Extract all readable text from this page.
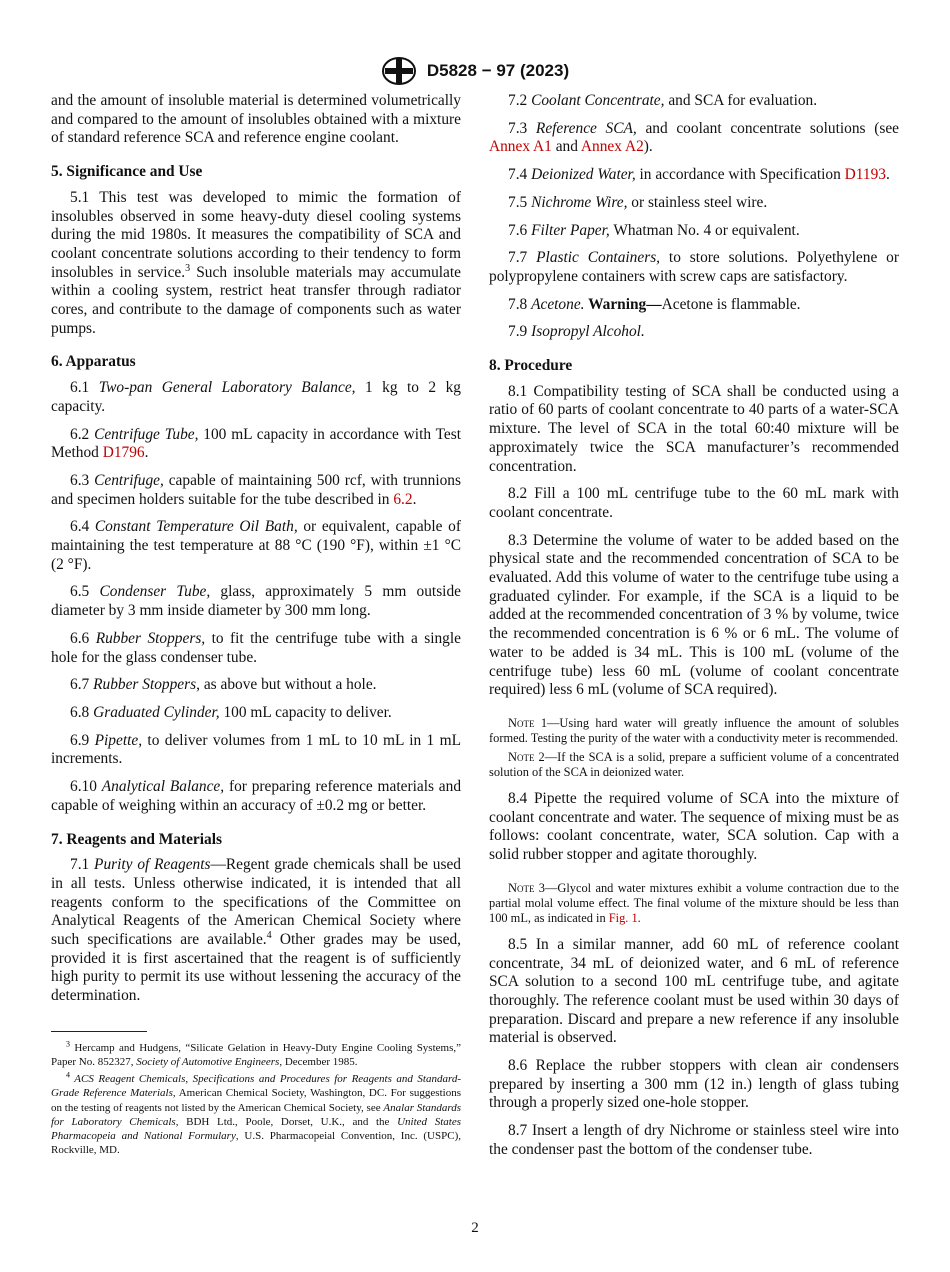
D5828 − 97 (2023)

and the amount of insoluble material is determined volumetrically and compared to the amount of insolubles obtained with a mixture of standard reference SCA and reference engine coolant.

5. Significance and Use

5.1 This test was developed to mimic the formation of insolubles observed in some heavy-duty diesel cooling systems during the mid 1980s. It measures the compatibility of SCA and coolant concentrate solutions according to their tendency to form insolubles in service.$^3$ Such insoluble materials may accumulate within a cooling system, restrict heat transfer through radiator cores, and contribute to the damage of components such as water pumps.

6. Apparatus

6.1 Two-pan General Laboratory Balance, 1 kg to 2 kg capacity.

6.2 Centrifuge Tube, 100 mL capacity in accordance with Test Method D1796.

6.3 Centrifuge, capable of maintaining 500 rcf, with trunnions and specimen holders suitable for the tube described in 6.2.

6.4 Constant Temperature Oil Bath, or equivalent, capable of maintaining the test temperature at 88 °C (190 °F), within ±1 °C (2 °F).

6.5 Condenser Tube, glass, approximately 5 mm outside diameter by 3 mm inside diameter by 300 mm long.

6.6 Rubber Stoppers, to fit the centrifuge tube with a single hole for the glass condenser tube.

6.7 Rubber Stoppers, as above but without a hole.

6.8 Graduated Cylinder, 100 mL capacity to deliver.

6.9 Pipette, to deliver volumes from 1 mL to 10 mL in 1 mL increments.

6.10 Analytical Balance, for preparing reference materials and capable of weighing within an accuracy of ±0.2 mg or better.

7. Reagents and Materials

7.1 Purity of Reagents—Regent grade chemicals shall be used in all tests. Unless otherwise indicated, it is intended that all reagents conform to the specifications of the Committee on Analytical Reagents of the American Chemical Society where such specifications are available.$^4$ Other grades may be used, provided it is first ascertained that the reagent is of sufficiently high purity to permit its use without lessening the accuracy of the determination.

$^3$ Hercamp and Hudgens, “Silicate Gelation in Heavy-Duty Engine Cooling Systems,” Paper No. 852327, Society of Automotive Engineers, December 1985.

$^4$ ACS Reagent Chemicals, Specifications and Procedures for Reagents and Standard-Grade Reference Materials, American Chemical Society, Washington, DC. For suggestions on the testing of reagents not listed by the American Chemical Society, see Analar Standards for Laboratory Chemicals, BDH Ltd., Poole, Dorset, U.K., and the United States Pharmacopeia and National Formulary, U.S. Pharmacopeial Convention, Inc. (USPC), Rockville, MD.

7.2 Coolant Concentrate, and SCA for evaluation.

7.3 Reference SCA, and coolant concentrate solutions (see Annex A1 and Annex A2).

7.4 Deionized Water, in accordance with Specification D1193.

7.5 Nichrome Wire, or stainless steel wire.

7.6 Filter Paper, Whatman No. 4 or equivalent.

7.7 Plastic Containers, to store solutions. Polyethylene or polypropylene containers with screw caps are satisfactory.

7.8 Acetone. Warning—Acetone is flammable.

7.9 Isopropyl Alcohol.

8. Procedure

8.1 Compatibility testing of SCA shall be conducted using a ratio of 60 parts of coolant concentrate to 40 parts of a water-SCA mixture. The level of SCA in the total 60:40 mixture will be approximately twice the SCA manufacturer’s recommended concentration.

8.2 Fill a 100 mL centrifuge tube to the 60 mL mark with coolant concentrate.

8.3 Determine the volume of water to be added based on the physical state and the recommended concentration of SCA to be evaluated. Add this volume of water to the centrifuge tube using a graduated cylinder. For example, if the SCA is a liquid to be added at the recommended concentration of 3 % by volume, twice the recommended concentration is 6 % or 6 mL. The volume of water to be added is 34 mL. This is 100 mL (volume of the centrifuge tube) less 60 mL (volume of coolant concentrate required) less 6 mL (volume of SCA required).

Note 1—Using hard water will greatly influence the amount of solubles formed. Testing the purity of the water with a conductivity meter is recommended.

Note 2—If the SCA is a solid, prepare a sufficient volume of a concentrated solution of the SCA in deionized water.

8.4 Pipette the required volume of SCA into the mixture of coolant concentrate and water. The sequence of mixing must be as follows: coolant concentrate, water, SCA solution. Cap with a solid rubber stopper and agitate thoroughly.

Note 3—Glycol and water mixtures exhibit a volume contraction due to the partial molal volume effect. The final volume of the mixture should be less than 100 mL, as indicated in Fig. 1.

8.5 In a similar manner, add 60 mL of reference coolant concentrate, 34 mL of deionized water, and 6 mL of reference SCA solution to a second 100 mL centrifuge tube, and agitate thoroughly. The reference coolant must be used within 30 days of preparation. Discard and prepare a new reference if any insoluble material is observed.

8.6 Replace the rubber stoppers with clean air condensers prepared by inserting a 300 mm (12 in.) length of glass tubing through a properly sized one-hole stopper.

8.7 Insert a length of dry Nichrome or stainless steel wire into the condenser past the bottom of the condenser tube.

2
